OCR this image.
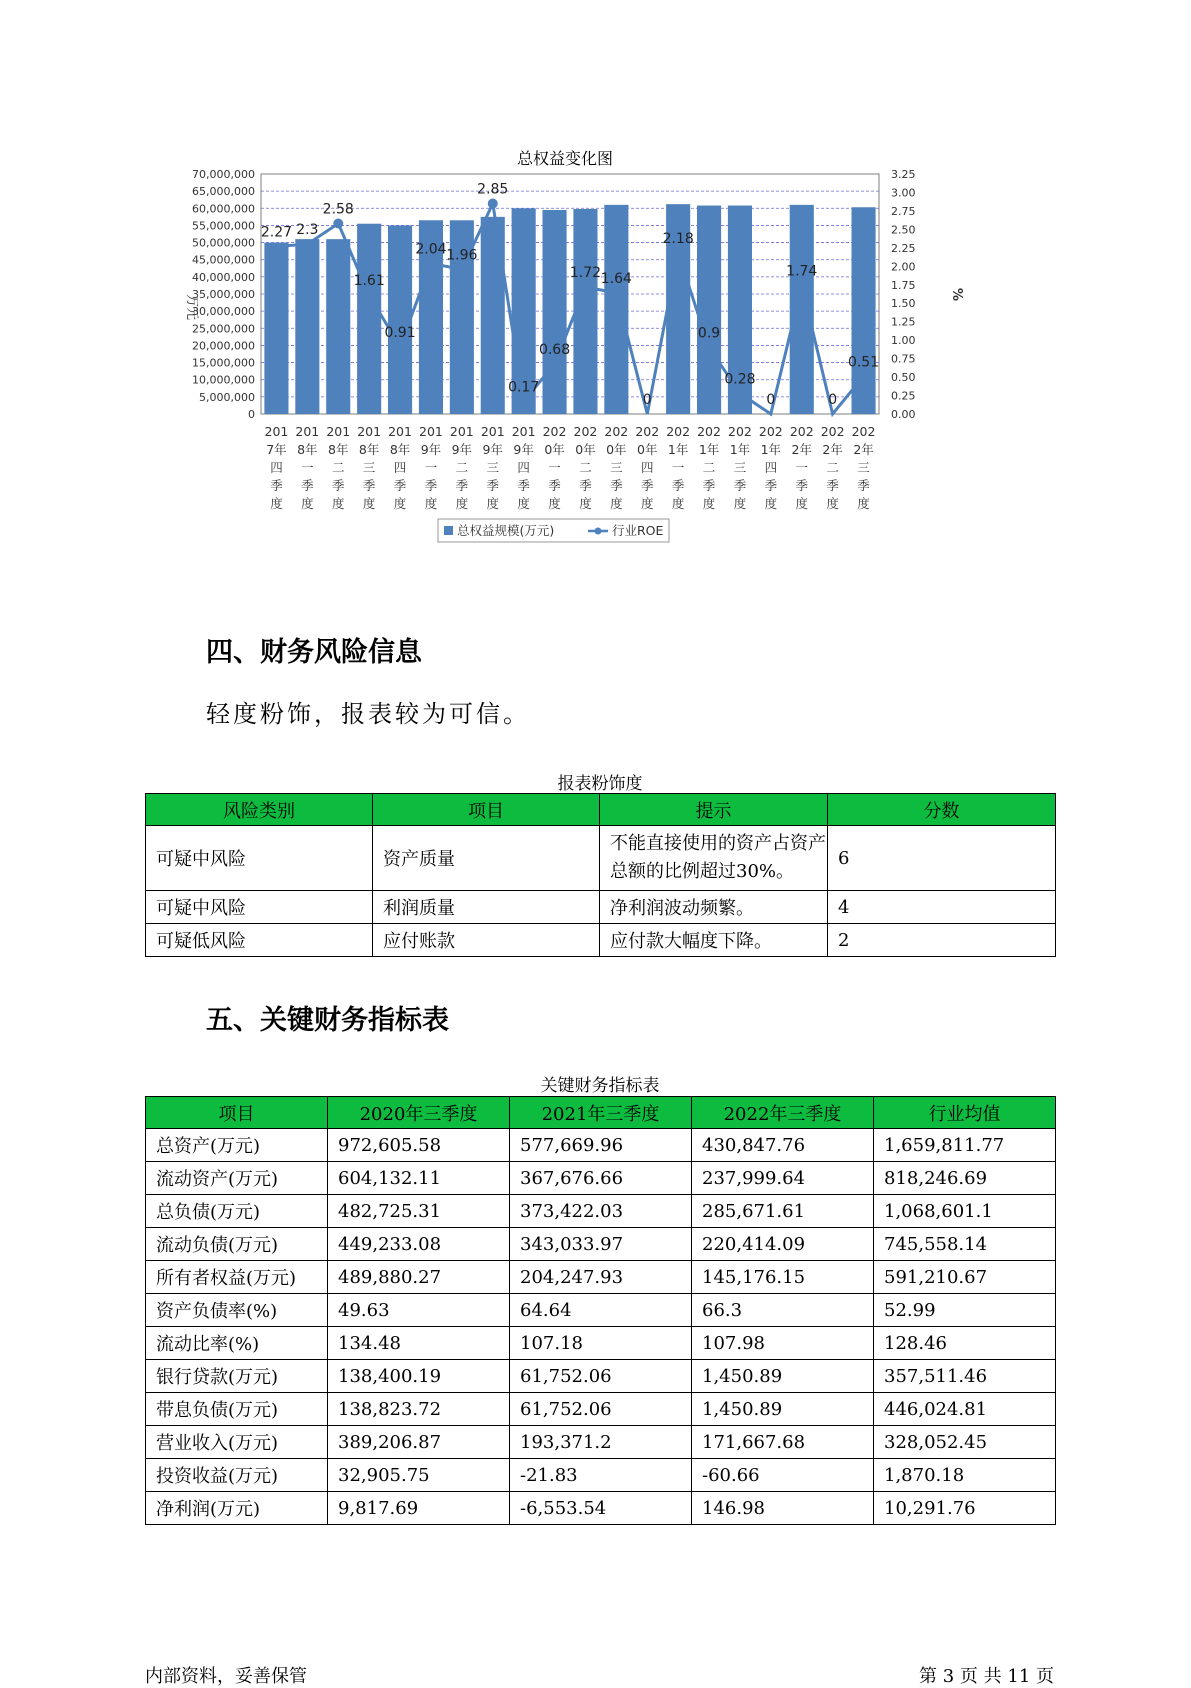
总权益变化图
2.27 2.3
2.58
1.61
0.91
2.04 1.96
2.85
0.17
0.68
1.72 1.64
0
2.18
0.9
0.28
0
1.74
0
0.51
70,000,000
65,000,000
60,000,000
55,000,000
50,000,000
45,000,000
40,000,000
35,000,000
30,000,000
25,000,000
20,000,000
15,000,000
10,000,000
5,000,000
0
3.25
3.00
2.75
2.50
2.25
2.00
1.75
1.50
1.25
1.00
0.75
0.50
0.25
0.00
万元	%
201
7年
四
季
度
201
8年
一
季
度
201
8年
二
季
度
201
8年
三
季
度
201
8年
四
季
度
201
9年
一
季
度
201
9年
二
季
度
201
9年
三
季
度
201
9年
四
季
度
202
0年
一
季
度
202
0年
二
季
度
202
0年
三
季
度
202
0年
四
季
度
202
1年
一
季
度
202
1年
二
季
度
202
1年
三
季
度
202
1年
四
季
度
202
2年
一
季
度
202
2年
二
季
度
202
2年
三
季
度
总权益规模(万元)	行业ROE
四、财务风险信息
轻度粉饰，报表较为可信。
报表粉饰度
风险类别	项目	提示	分数
可疑中风险	资产质量	不能直接使用的资产占资产总额的比例超过30%。	6
可疑中风险	利润质量	净利润波动频繁。	4
可疑低风险	应付账款	应付款大幅度下降。	2
五、关键财务指标表
关键财务指标表
项目	2020年三季度	2021年三季度	2022年三季度	行业均值
总资产(万元)	972,605.58	577,669.96	430,847.76	1,659,811.77
流动资产(万元)	604,132.11	367,676.66	237,999.64	818,246.69
总负债(万元)	482,725.31	373,422.03	285,671.61	1,068,601.1
流动负债(万元)	449,233.08	343,033.97	220,414.09	745,558.14
所有者权益(万元)	489,880.27	204,247.93	145,176.15	591,210.67
资产负债率(%)	49.63	64.64	66.3	52.99
流动比率(%)	134.48	107.18	107.98	128.46
银行贷款(万元)	138,400.19	61,752.06	1,450.89	357,511.46
带息负债(万元)	138,823.72	61,752.06	1,450.89	446,024.81
营业收入(万元)	389,206.87	193,371.2	171,667.68	328,052.45
投资收益(万元)	32,905.75	-21.83	-60.66	1,870.18
净利润(万元)	9,817.69	-6,553.54	146.98	10,291.76
内部资料，妥善保管	第 3 页 共 11 页
